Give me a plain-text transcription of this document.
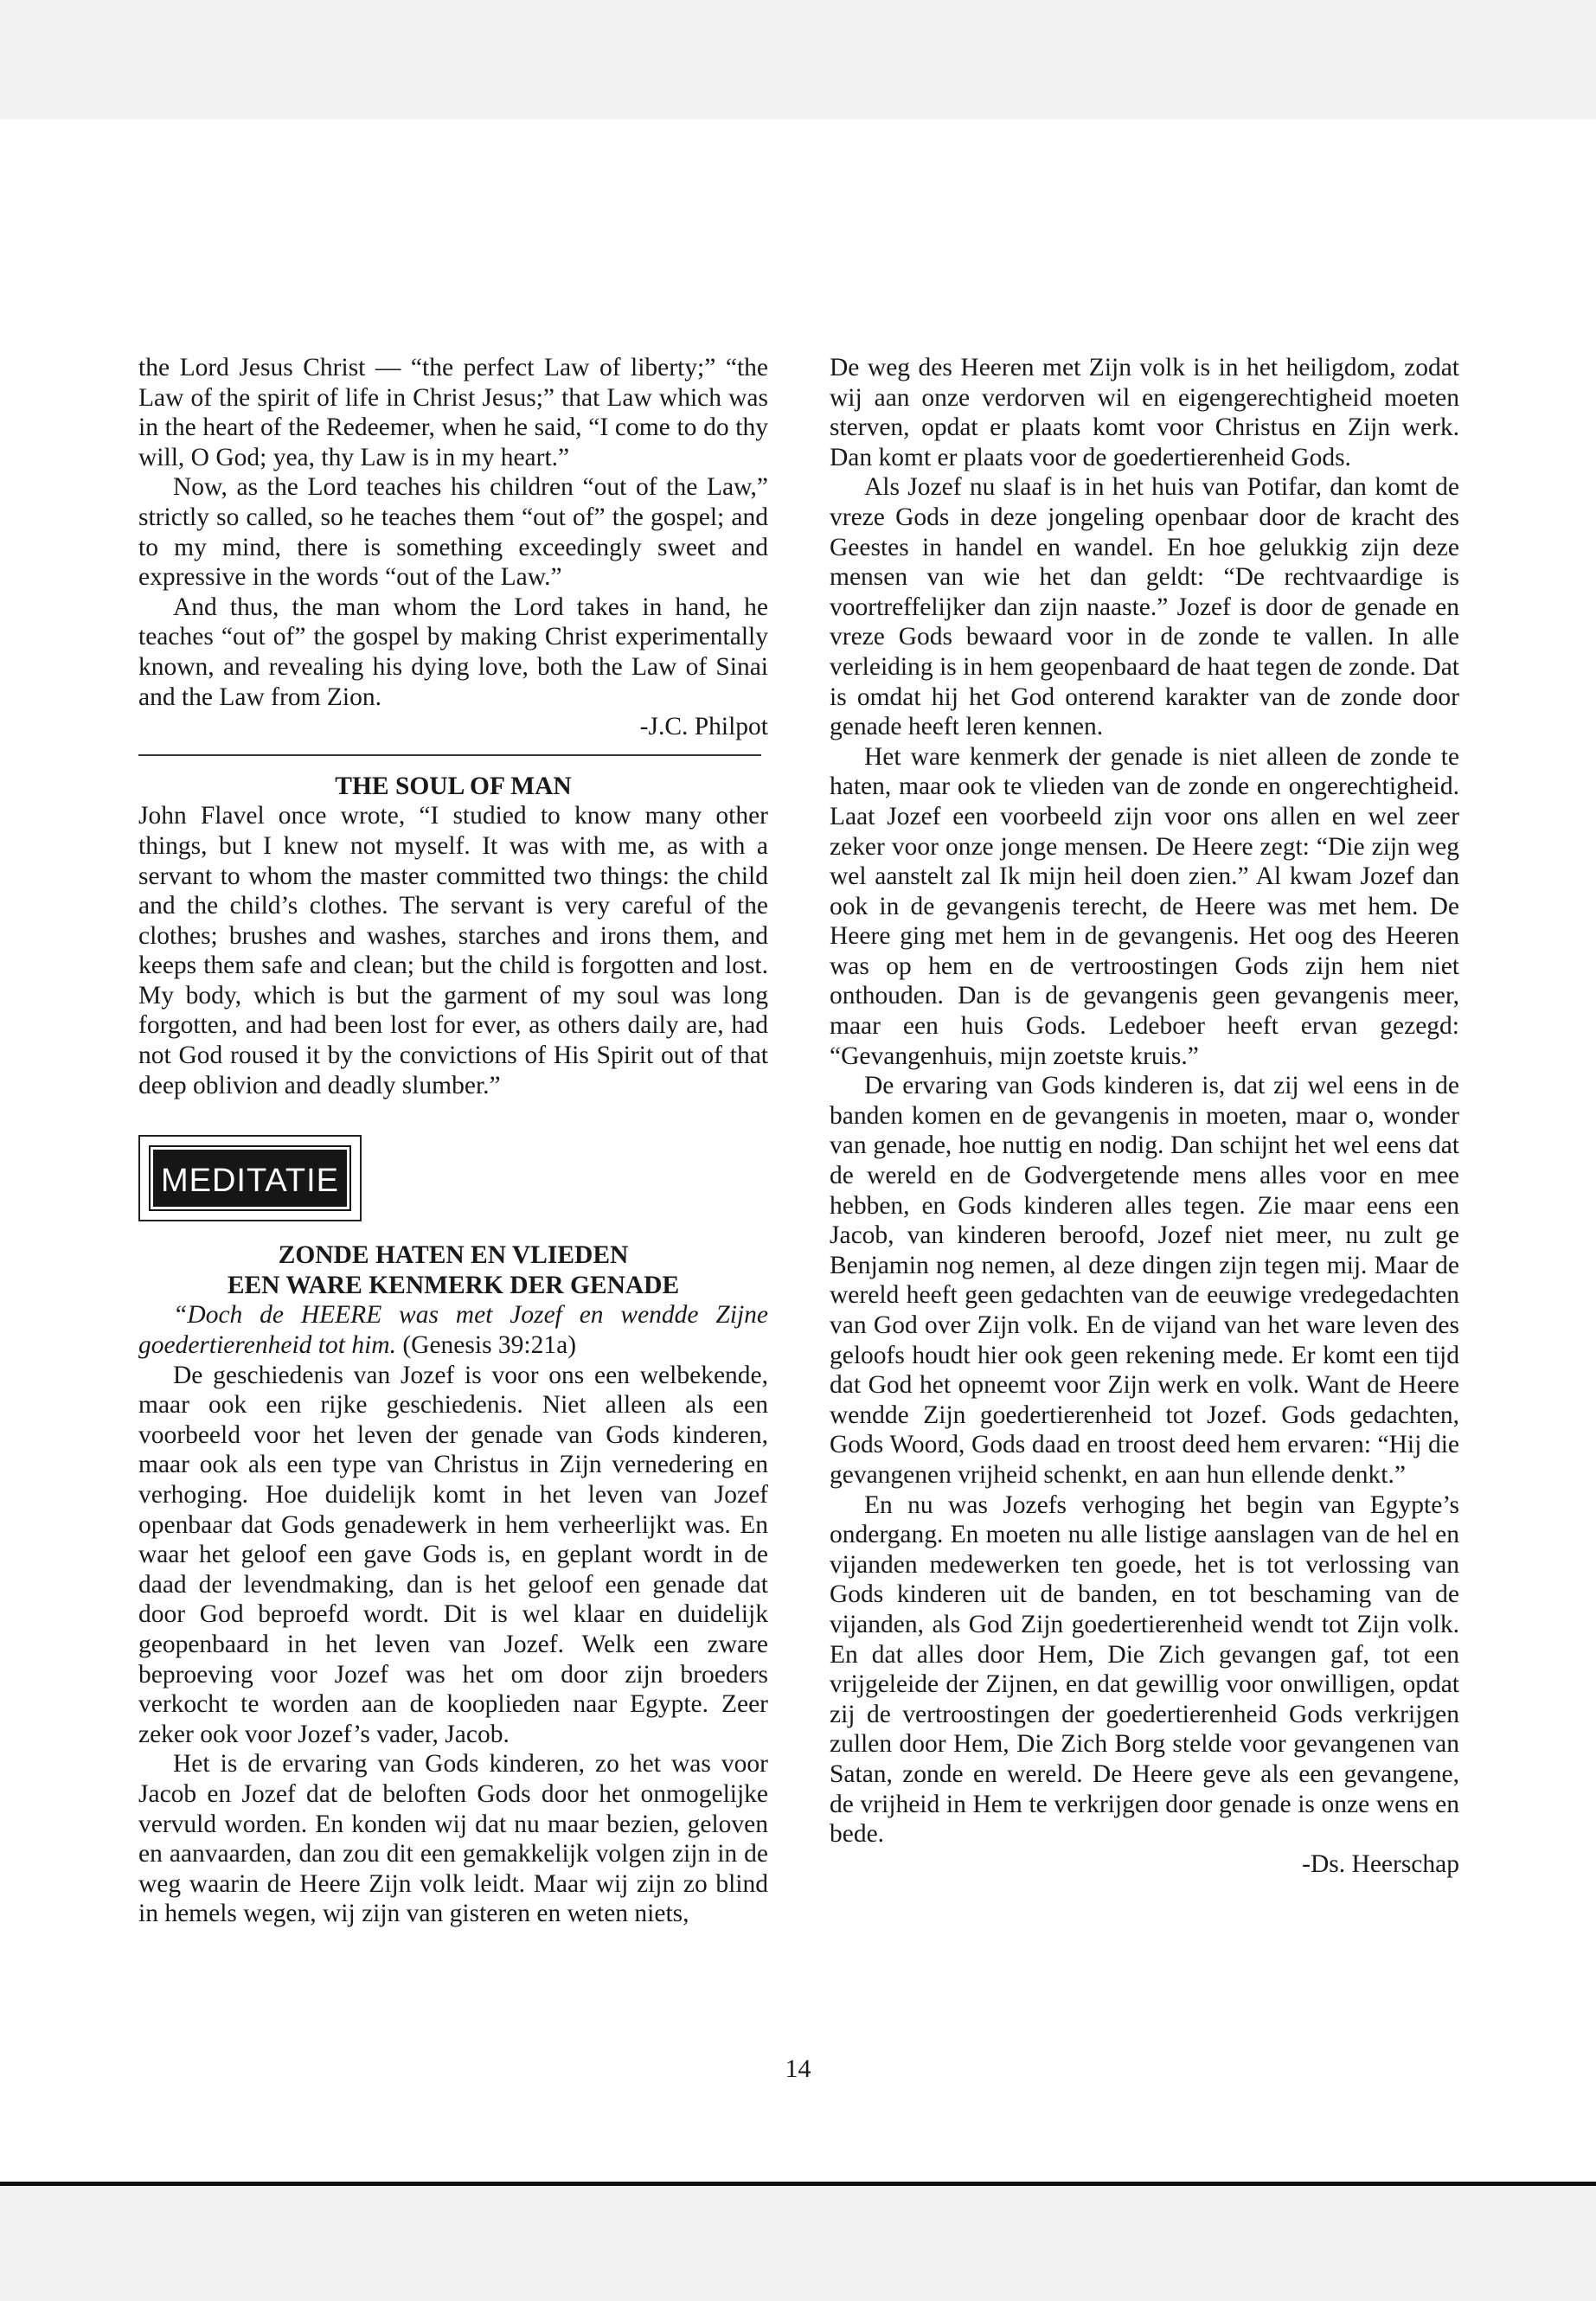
the Lord Jesus Christ — “the perfect Law of liberty;” “the Law of the spirit of life in Christ Jesus;” that Law which was in the heart of the Redeemer, when he said, “I come to do thy will, O God; yea, thy Law is in my heart.”

Now, as the Lord teaches his children “out of the Law,” strictly so called, so he teaches them “out of” the gospel; and to my mind, there is something exceedingly sweet and expressive in the words “out of the Law.”

And thus, the man whom the Lord takes in hand, he teaches “out of” the gospel by making Christ experimentally known, and revealing his dying love, both the Law of Sinai and the Law from Zion.

-J.C. Philpot

THE SOUL OF MAN

John Flavel once wrote, “I studied to know many other things, but I knew not myself. It was with me, as with a servant to whom the master committed two things: the child and the child’s clothes. The servant is very careful of the clothes; brushes and washes, starches and irons them, and keeps them safe and clean; but the child is forgotten and lost. My body, which is but the garment of my soul was long forgotten, and had been lost for ever, as others daily are, had not God roused it by the convictions of His Spirit out of that deep oblivion and deadly slumber.”

MEDITATIE

ZONDE HATEN EN VLIEDEN

EEN WARE KENMERK DER GENADE

“Doch de HEERE was met Jozef en wendde Zijne goedertierenheid tot him. (Genesis 39:21a)

De geschiedenis van Jozef is voor ons een welbekende, maar ook een rijke geschiedenis. Niet alleen als een voorbeeld voor het leven der genade van Gods kinderen, maar ook als een type van Christus in Zijn vernedering en verhoging. Hoe duidelijk komt in het leven van Jozef openbaar dat Gods genadewerk in hem verheerlijkt was. En waar het geloof een gave Gods is, en geplant wordt in de daad der levendmaking, dan is het geloof een genade dat door God beproefd wordt. Dit is wel klaar en duidelijk geopenbaard in het leven van Jozef. Welk een zware beproeving voor Jozef was het om door zijn broeders verkocht te worden aan de kooplieden naar Egypte. Zeer zeker ook voor Jozef’s vader, Jacob.

Het is de ervaring van Gods kinderen, zo het was voor Jacob en Jozef dat de beloften Gods door het onmogelijke vervuld worden. En konden wij dat nu maar bezien, geloven en aanvaarden, dan zou dit een gemakkelijk volgen zijn in de weg waarin de Heere Zijn volk leidt. Maar wij zijn zo blind in hemels wegen, wij zijn van gisteren en weten niets,

De weg des Heeren met Zijn volk is in het heiligdom, zodat wij aan onze verdorven wil en eigengerechtigheid moeten sterven, opdat er plaats komt voor Christus en Zijn werk. Dan komt er plaats voor de goedertierenheid Gods.

Als Jozef nu slaaf is in het huis van Potifar, dan komt de vreze Gods in deze jongeling openbaar door de kracht des Geestes in handel en wandel. En hoe gelukkig zijn deze mensen van wie het dan geldt: “De rechtvaardige is voortreffelijker dan zijn naaste.” Jozef is door de genade en vreze Gods bewaard voor in de zonde te vallen. In alle verleiding is in hem geopenbaard de haat tegen de zonde. Dat is omdat hij het God onterend karakter van de zonde door genade heeft leren kennen.

Het ware kenmerk der genade is niet alleen de zonde te haten, maar ook te vlieden van de zonde en ongerechtigheid. Laat Jozef een voorbeeld zijn voor ons allen en wel zeer zeker voor onze jonge mensen. De Heere zegt: “Die zijn weg wel aanstelt zal Ik mijn heil doen zien.” Al kwam Jozef dan ook in de gevangenis terecht, de Heere was met hem. De Heere ging met hem in de gevangenis. Het oog des Heeren was op hem en de vertroostingen Gods zijn hem niet onthouden. Dan is de gevangenis geen gevangenis meer, maar een huis Gods. Ledeboer heeft ervan gezegd: “Gevangenhuis, mijn zoetste kruis.”

De ervaring van Gods kinderen is, dat zij wel eens in de banden komen en de gevangenis in moeten, maar o, wonder van genade, hoe nuttig en nodig. Dan schijnt het wel eens dat de wereld en de Godvergetende mens alles voor en mee hebben, en Gods kinderen alles tegen. Zie maar eens een Jacob, van kinderen beroofd, Jozef niet meer, nu zult ge Benjamin nog nemen, al deze dingen zijn tegen mij. Maar de wereld heeft geen gedachten van de eeuwige vredegedachten van God over Zijn volk. En de vijand van het ware leven des geloofs houdt hier ook geen rekening mede. Er komt een tijd dat God het opneemt voor Zijn werk en volk. Want de Heere wendde Zijn goedertierenheid tot Jozef. Gods gedachten, Gods Woord, Gods daad en troost deed hem ervaren: “Hij die gevangenen vrijheid schenkt, en aan hun ellende denkt.”

En nu was Jozefs verhoging het begin van Egypte’s ondergang. En moeten nu alle listige aanslagen van de hel en vijanden medewerken ten goede, het is tot verlossing van Gods kinderen uit de banden, en tot beschaming van de vijanden, als God Zijn goedertierenheid wendt tot Zijn volk. En dat alles door Hem, Die Zich gevangen gaf, tot een vrijgeleide der Zijnen, en dat gewillig voor onwilligen, opdat zij de vertroostingen der goedertierenheid Gods verkrijgen zullen door Hem, Die Zich Borg stelde voor gevangenen van Satan, zonde en wereld. De Heere geve als een gevangene, de vrijheid in Hem te verkrijgen door genade is onze wens en bede.

-Ds. Heerschap

14
